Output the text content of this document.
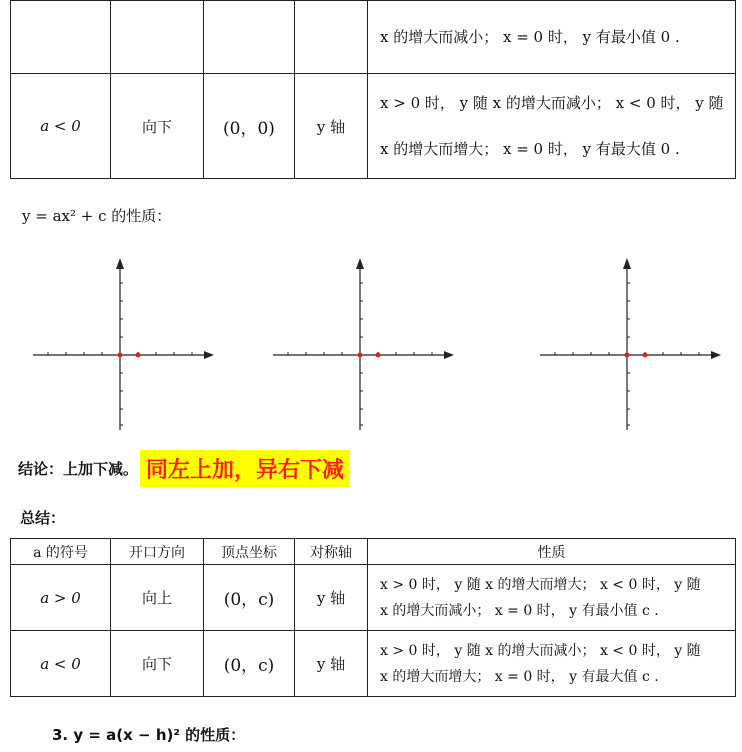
				x 的增大而减小； x = 0 时， y 有最小值 0 .
a < 0	向下	(0，0)	y 轴	x > 0 时， y 随 x 的增大而减小； x < 0 时， y 随
x 的增大而增大； x = 0 时， y 有最大值 0 .
y = ax² + c 的性质：
结论：上加下减。 同左上加，异右下减
总结：
a 的符号	开口方向	顶点坐标	对称轴	性质
a > 0	向上	(0，c)	y 轴	x > 0 时， y 随 x 的增大而增大； x < 0 时， y 随
x 的增大而减小； x = 0 时， y 有最小值 c .

a < 0	向下	(0，c)	y 轴	x > 0 时， y 随 x 的增大而减小； x < 0 时， y 随
x 的增大而增大； x = 0 时， y 有最大值 c .
3. y = a(x − h)² 的性质：
